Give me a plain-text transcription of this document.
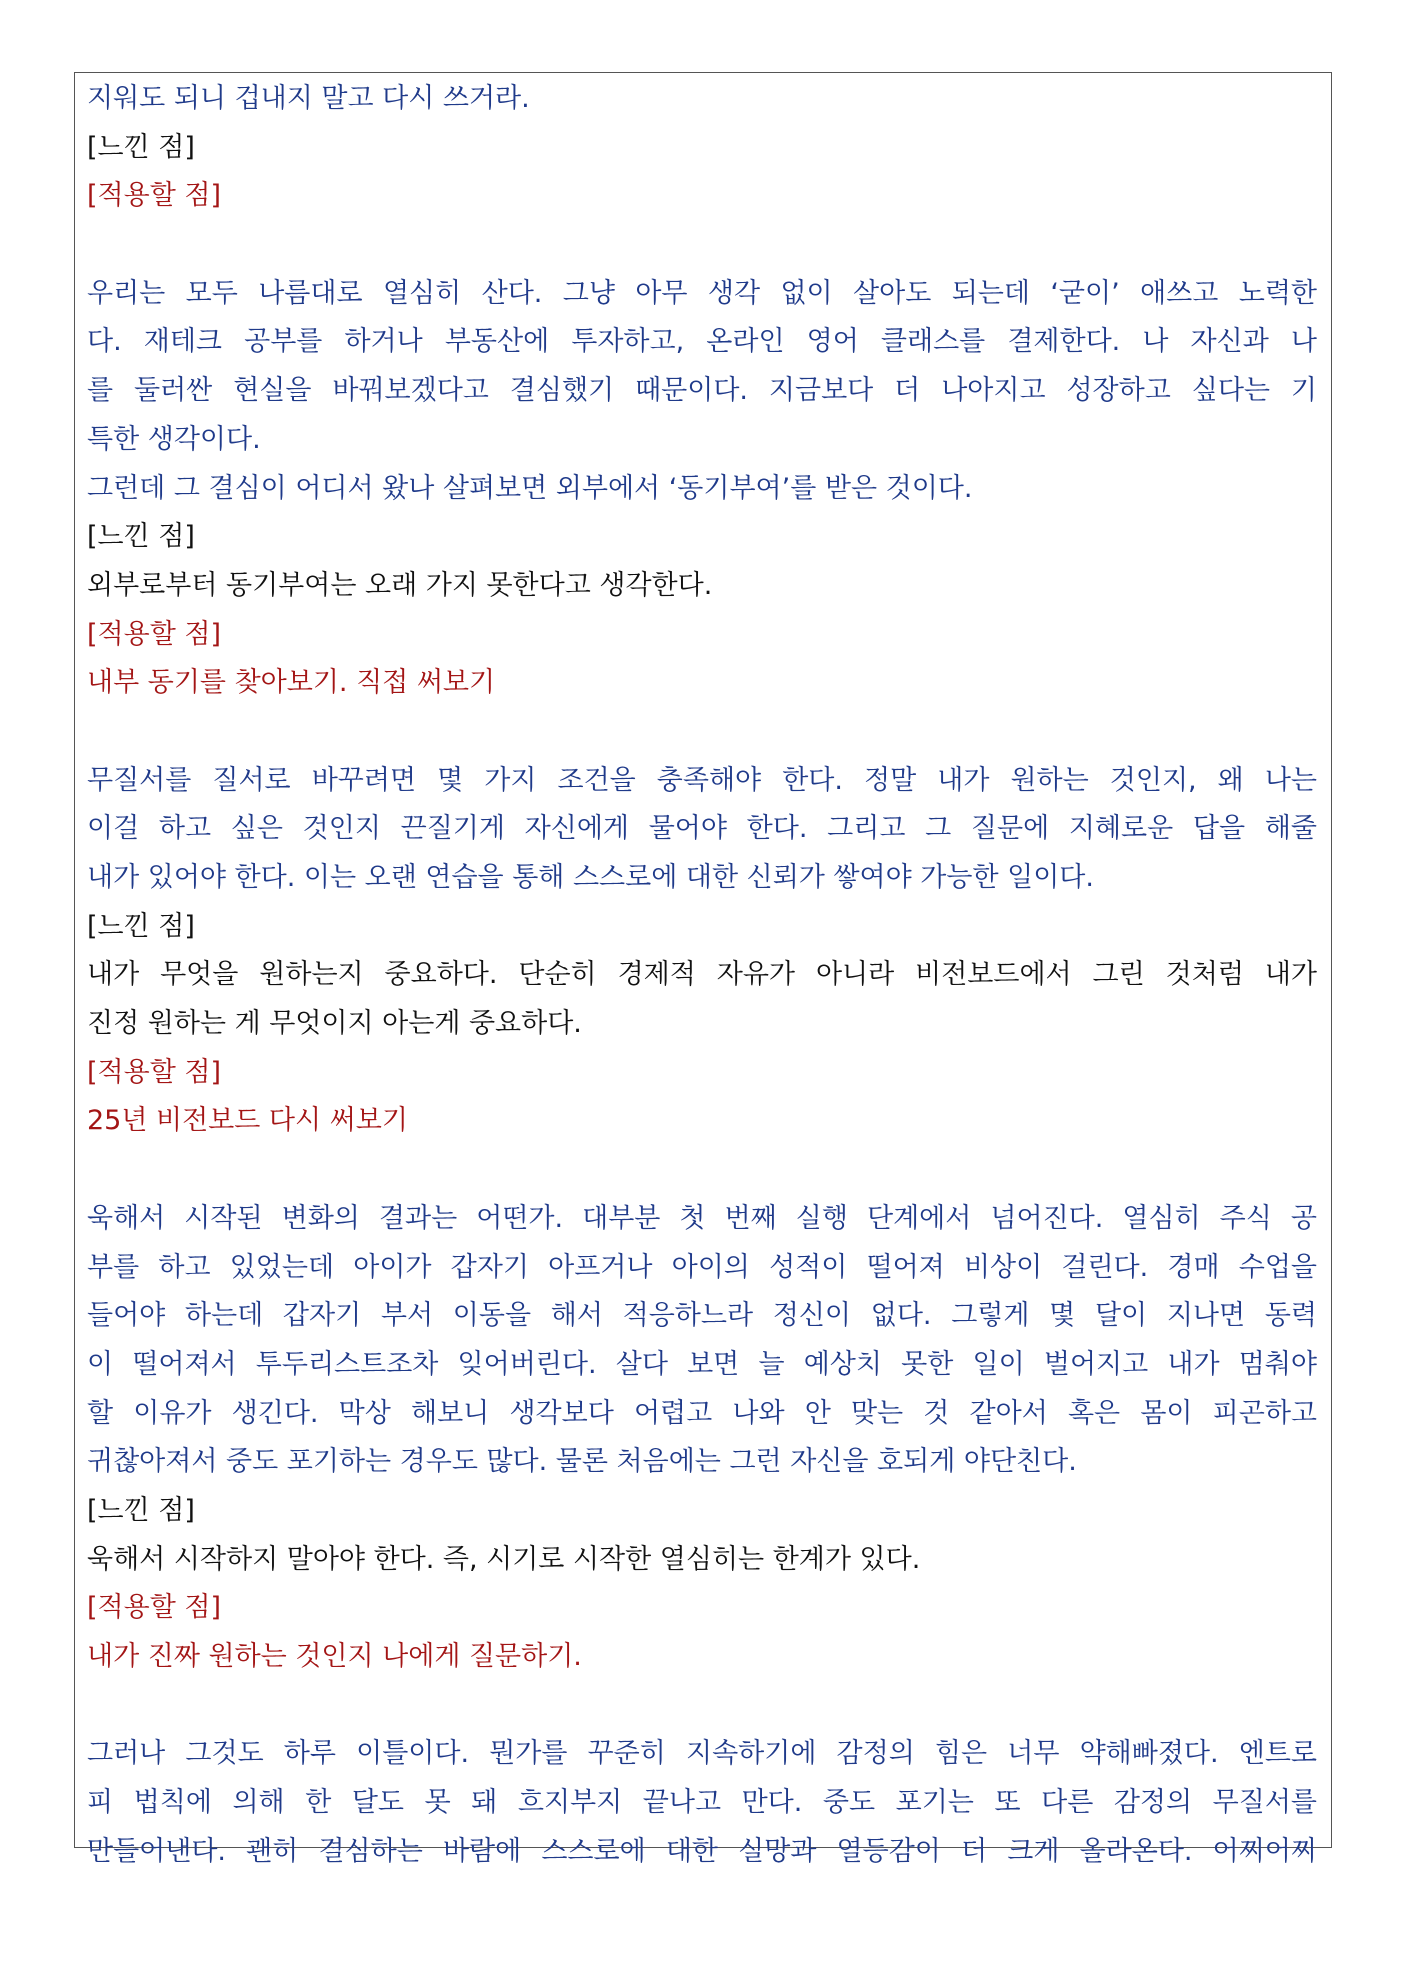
지워도 되니 겁내지 말고 다시 쓰거라.
[느낀 점]
[적용할 점]
우리는 모두 나름대로 열심히 산다. 그냥 아무 생각 없이 살아도 되는데 ‘굳이’ 애쓰고 노력한
다. 재테크 공부를 하거나 부동산에 투자하고, 온라인 영어 클래스를 결제한다. 나 자신과 나
를 둘러싼 현실을 바꿔보겠다고 결심했기 때문이다. 지금보다 더 나아지고 성장하고 싶다는 기
특한 생각이다.
그런데 그 결심이 어디서 왔나 살펴보면 외부에서 ‘동기부여’를 받은 것이다.
[느낀 점]
외부로부터 동기부여는 오래 가지 못한다고 생각한다.
[적용할 점]
내부 동기를 찾아보기. 직접 써보기
무질서를 질서로 바꾸려면 몇 가지 조건을 충족해야 한다. 정말 내가 원하는 것인지, 왜 나는
이걸 하고 싶은 것인지 끈질기게 자신에게 물어야 한다. 그리고 그 질문에 지혜로운 답을 해줄
내가 있어야 한다. 이는 오랜 연습을 통해 스스로에 대한 신뢰가 쌓여야 가능한 일이다.
[느낀 점]
내가 무엇을 원하는지 중요하다. 단순히 경제적 자유가 아니라 비전보드에서 그린 것처럼 내가
진정 원하는 게 무엇이지 아는게 중요하다.
[적용할 점]
25년 비전보드 다시 써보기
욱해서 시작된 변화의 결과는 어떤가. 대부분 첫 번째 실행 단계에서 넘어진다. 열심히 주식 공
부를 하고 있었는데 아이가 갑자기 아프거나 아이의 성적이 떨어져 비상이 걸린다. 경매 수업을
들어야 하는데 갑자기 부서 이동을 해서 적응하느라 정신이 없다. 그렇게 몇 달이 지나면 동력
이 떨어져서 투두리스트조차 잊어버린다. 살다 보면 늘 예상치 못한 일이 벌어지고 내가 멈춰야
할 이유가 생긴다. 막상 해보니 생각보다 어렵고 나와 안 맞는 것 같아서 혹은 몸이 피곤하고
귀찮아져서 중도 포기하는 경우도 많다. 물론 처음에는 그런 자신을 호되게 야단친다.
[느낀 점]
욱해서 시작하지 말아야 한다. 즉, 시기로 시작한 열심히는 한계가 있다.
[적용할 점]
내가 진짜 원하는 것인지 나에게 질문하기.
그러나 그것도 하루 이틀이다. 뭔가를 꾸준히 지속하기에 감정의 힘은 너무 약해빠졌다. 엔트로
피 법칙에 의해 한 달도 못 돼 흐지부지 끝나고 만다. 중도 포기는 또 다른 감정의 무질서를
만들어낸다. 괜히 결심하는 바람에 스스로에 대한 실망과 열등감이 더 크게 올라온다. 어찌어찌
